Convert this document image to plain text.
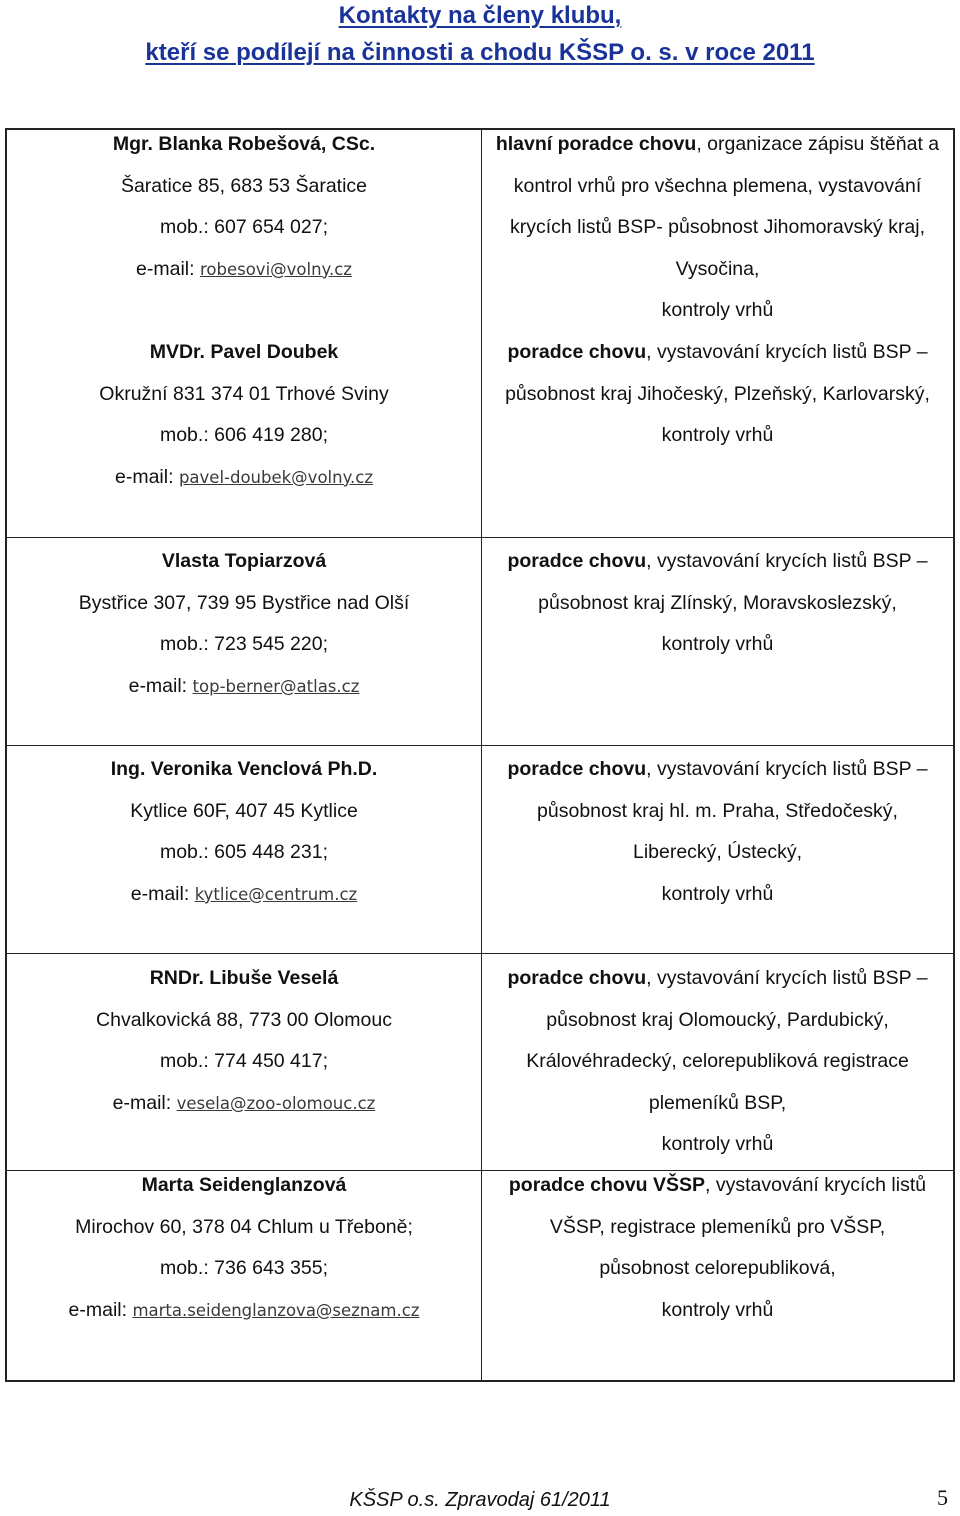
Kontakty na členy klubu,
kteří se podílejí na činnosti a chodu KŠSP o. s. v roce 2011
Mgr. Blanka Robešová, CSc.
Šaratice 85, 683 53 Šaratice
mob.: 607 654 027;
e-mail: robesovi@volny.cz
MVDr. Pavel Doubek
Okružní 831 374 01 Trhové Sviny
mob.: 606 419 280;
e-mail: pavel-doubek@volny.cz
hlavní poradce chovu, organizace zápisu štěňat a
kontrol vrhů pro všechna plemena, vystavování
krycích listů BSP- působnost Jihomoravský kraj,
Vysočina,
kontroly vrhů
poradce chovu, vystavování krycích listů BSP –
působnost kraj Jihočeský, Plzeňský, Karlovarský,
kontroly vrhů
Vlasta Topiarzová
Bystřice 307, 739 95 Bystřice nad Olší
mob.: 723 545 220;
e-mail: top-berner@atlas.cz
poradce chovu, vystavování krycích listů BSP –
působnost kraj Zlínský, Moravskoslezský,
kontroly vrhů
Ing. Veronika Venclová Ph.D.
Kytlice 60F, 407 45 Kytlice
mob.: 605 448 231;
e-mail: kytlice@centrum.cz
poradce chovu, vystavování krycích listů BSP –
působnost kraj hl. m. Praha, Středočeský,
Liberecký, Ústecký,
kontroly vrhů
RNDr. Libuše Veselá
Chvalkovická 88, 773 00 Olomouc
mob.: 774 450 417;
e-mail: vesela@zoo-olomouc.cz
poradce chovu, vystavování krycích listů BSP –
působnost kraj Olomoucký, Pardubický,
Královéhradecký, celorepubliková registrace
plemeníků BSP,
kontroly vrhů
Marta Seidenglanzová
Mirochov 60, 378 04 Chlum u Třeboně;
mob.: 736 643 355;
e-mail: marta.seidenglanzova@seznam.cz
poradce chovu VŠSP, vystavování krycích listů
VŠSP, registrace plemeníků pro VŠSP,
působnost celorepubliková,
kontroly vrhů
KŠSP o.s. Zpravodaj 61/2011	5
